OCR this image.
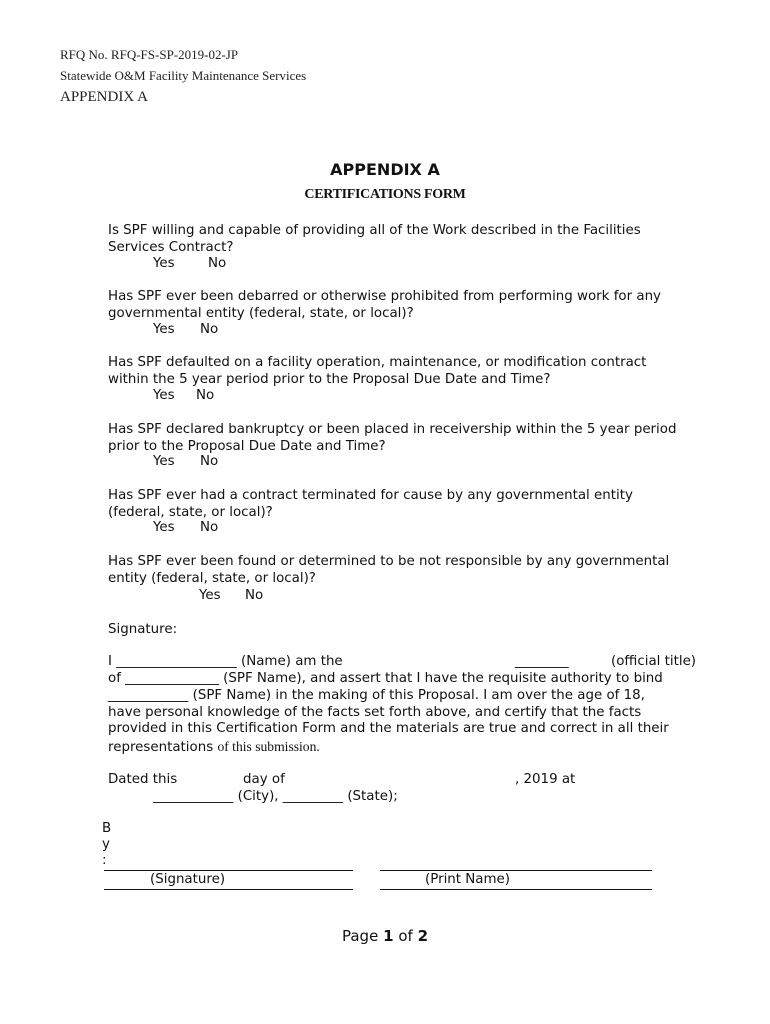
RFQ No. RFQ-FS-SP-2019-02-JP
Statewide O&M Facility Maintenance Services
APPENDIX A
APPENDIX A
CERTIFICATIONS FORM
Is SPF willing and capable of providing all of the Work described in the Facilities
Services Contract?
Yes No
Has SPF ever been debarred or otherwise prohibited from performing work for any
governmental entity (federal, state, or local)?
Yes No
Has SPF defaulted on a facility operation, maintenance, or modification contract
within the 5 year period prior to the Proposal Due Date and Time?
Yes No
Has SPF declared bankruptcy or been placed in receivership within the 5 year period
prior to the Proposal Due Date and Time?
Yes No
Has SPF ever had a contract terminated for cause by any governmental entity
(federal, state, or local)?
Yes No
Has SPF ever been found or determined to be not responsible by any governmental
entity (federal, state, or local)?
Yes No
Signature:
I __________________ (Name) am the	________	(official title)
of ______________ (SPF Name), and assert that I have the requisite authority to bind
____________ (SPF Name) in the making of this Proposal. I am over the age of 18,
have personal knowledge of the facts set forth above, and certify that the facts
provided in this Certification Form and the materials are true and correct in all their
representations of this submission.
Dated this	day of	, 2019 at
____________ (City), _________ (State);
B
y
:
(Signature)	(Print Name)
Page 1 of 2
